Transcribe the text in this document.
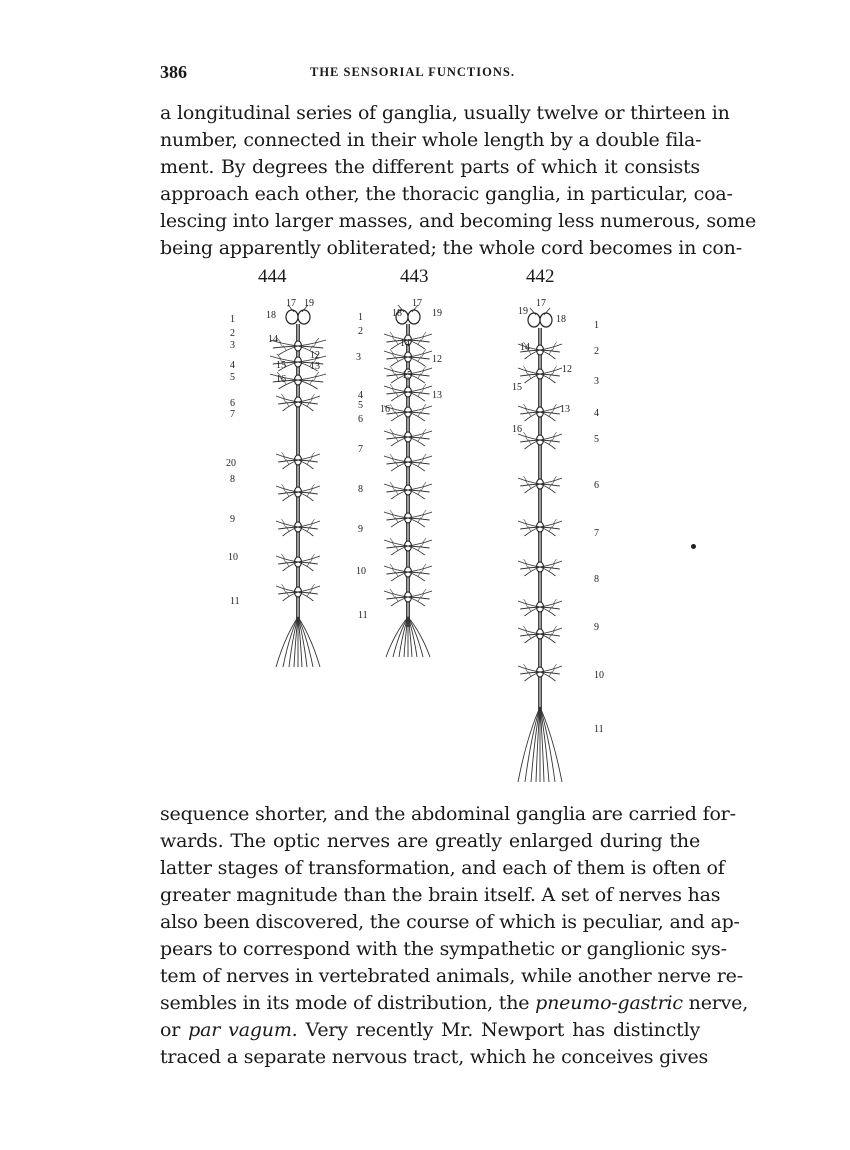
386	THE SENSORIAL FUNCTIONS.
a longitudinal series of ganglia, usually twelve or thirteen in
number, connected in their whole length by a double fila-
ment. By degrees the different parts of which it consists
approach each other, the thoracic ganglia, in particular, coa-
lescing into larger masses, and becoming less numerous, some
being apparently obliterated; the whole cord becomes in con-
444	443	442
1
2
3
4
5
6
7
20
8
9
10
11
18
17 19
14
15
12
13
16
1
2
3
4
5
6
7
8
9
10
11
18
17
19
14
12
15
16
13
1
2
3
4
5
6
7
8
9
10
11
19
17
18
14
12
15
13
16
sequence shorter, and the abdominal ganglia are carried for-
wards. The optic nerves are greatly enlarged during the
latter stages of transformation, and each of them is often of
greater magnitude than the brain itself. A set of nerves has
also been discovered, the course of which is peculiar, and ap-
pears to correspond with the sympathetic or ganglionic sys-
tem of nerves in vertebrated animals, while another nerve re-
sembles in its mode of distribution, the pneumo-gastric nerve,
or par vagum. Very recently Mr. Newport has distinctly
traced a separate nervous tract, which he conceives gives
